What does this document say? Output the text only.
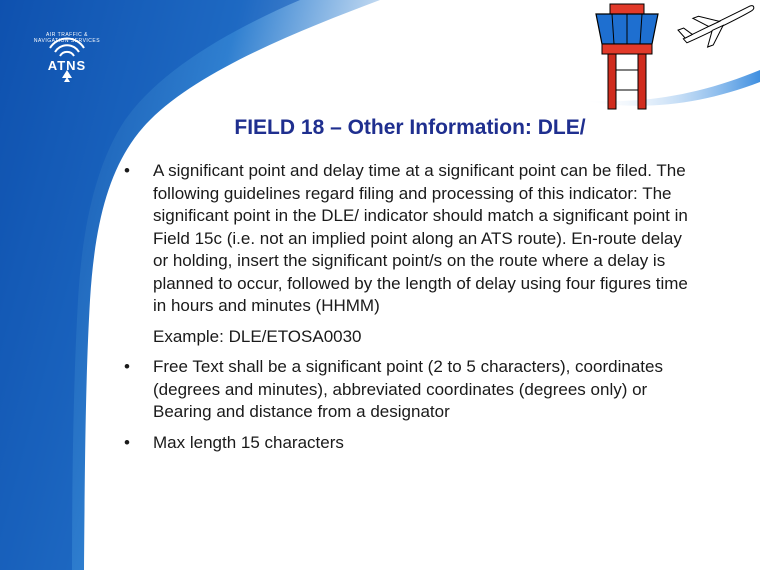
AIR TRAFFIC & NAVIGATION SERVICES
ATNS
FIELD 18 – Other Information: DLE/
• A significant point and delay time at a significant point can be filed. The following guidelines regard filing and processing of this indicator: The significant point in the DLE/ indicator should match a significant point in Field 15c (i.e. not an implied point along an ATS route). En-route delay or holding, insert the significant point/s on the route where a delay is planned to occur, followed by the length of delay using four figures time in hours and minutes (HHMM)
Example: DLE/ETOSA0030
• Free Text shall be a significant point (2 to 5 characters), coordinates (degrees and minutes), abbreviated coordinates (degrees only) or Bearing and distance from a designator
• Max length 15 characters
